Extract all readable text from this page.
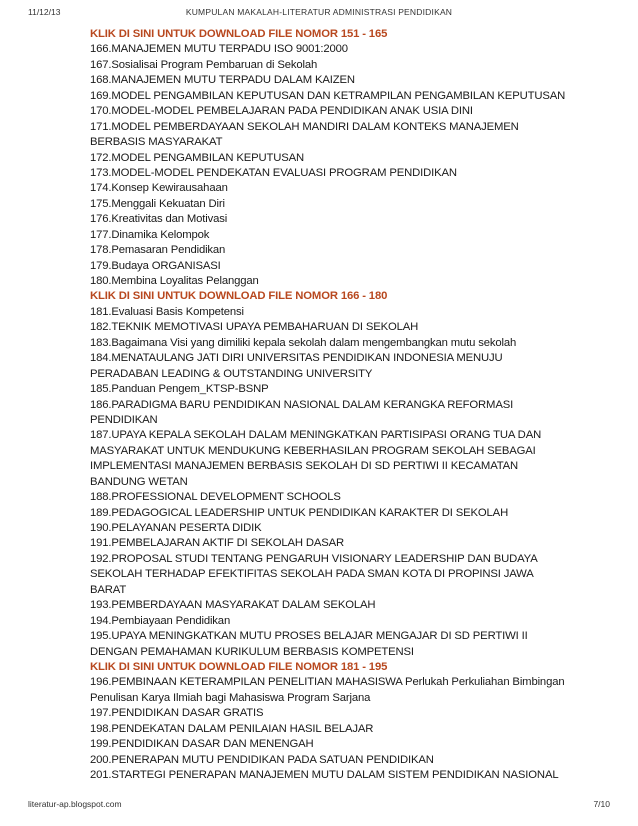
11/12/13	KUMPULAN MAKALAH-LITERATUR ADMINISTRASI PENDIDIKAN
KLIK DI SINI UNTUK DOWNLOAD FILE NOMOR 151 - 165
166.MANAJEMEN MUTU TERPADU ISO 9001:2000
167.Sosialisai Program Pembaruan di Sekolah
168.MANAJEMEN MUTU TERPADU DALAM KAIZEN
169.MODEL PENGAMBILAN KEPUTUSAN DAN KETRAMPILAN PENGAMBILAN KEPUTUSAN
170.MODEL-MODEL PEMBELAJARAN PADA PENDIDIKAN ANAK USIA DINI
171.MODEL PEMBERDAYAAN SEKOLAH MANDIRI DALAM KONTEKS MANAJEMEN
BERBASIS MASYARAKAT
172.MODEL PENGAMBILAN KEPUTUSAN
173.MODEL-MODEL PENDEKATAN EVALUASI PROGRAM PENDIDIKAN
174.Konsep Kewirausahaan
175.Menggali Kekuatan Diri
176.Kreativitas dan Motivasi
177.Dinamika Kelompok
178.Pemasaran Pendidikan
179.Budaya ORGANISASI
180.Membina Loyalitas Pelanggan
KLIK DI SINI UNTUK DOWNLOAD FILE NOMOR 166 - 180
181.Evaluasi Basis Kompetensi
182.TEKNIK MEMOTIVASI UPAYA PEMBAHARUAN DI SEKOLAH
183.Bagaimana Visi yang dimiliki kepala sekolah dalam mengembangkan mutu sekolah
184.MENATAULANG JATI DIRI UNIVERSITAS PENDIDIKAN INDONESIA MENUJU
PERADABAN LEADING & OUTSTANDING UNIVERSITY
185.Panduan Pengem_KTSP-BSNP
186.PARADIGMA BARU PENDIDIKAN NASIONAL DALAM KERANGKA REFORMASI
PENDIDIKAN
187.UPAYA KEPALA SEKOLAH DALAM MENINGKATKAN PARTISIPASI ORANG TUA DAN
MASYARAKAT UNTUK MENDUKUNG KEBERHASILAN PROGRAM SEKOLAH SEBAGAI
IMPLEMENTASI MANAJEMEN BERBASIS SEKOLAH DI SD PERTIWI II KECAMATAN
BANDUNG WETAN
188.PROFESSIONAL DEVELOPMENT SCHOOLS
189.PEDAGOGICAL LEADERSHIP UNTUK PENDIDIKAN KARAKTER DI SEKOLAH
190.PELAYANAN PESERTA DIDIK
191.PEMBELAJARAN AKTIF DI SEKOLAH DASAR
192.PROPOSAL STUDI TENTANG PENGARUH VISIONARY LEADERSHIP DAN BUDAYA
SEKOLAH TERHADAP EFEKTIFITAS SEKOLAH PADA SMAN KOTA DI PROPINSI JAWA
BARAT
193.PEMBERDAYAAN MASYARAKAT DALAM SEKOLAH
194.Pembiayaan Pendidikan
195.UPAYA MENINGKATKAN MUTU PROSES BELAJAR MENGAJAR DI SD PERTIWI II
DENGAN PEMAHAMAN KURIKULUM BERBASIS KOMPETENSI
KLIK DI SINI UNTUK DOWNLOAD FILE NOMOR 181 - 195
196.PEMBINAAN KETERAMPILAN PENELITIAN MAHASISWA Perlukah Perkuliahan Bimbingan
Penulisan Karya Ilmiah bagi Mahasiswa Program Sarjana
197.PENDIDIKAN DASAR GRATIS
198.PENDEKATAN DALAM PENILAIAN HASIL BELAJAR
199.PENDIDIKAN DASAR DAN MENENGAH
200.PENERAPAN MUTU PENDIDIKAN PADA SATUAN PENDIDIKAN
201.STARTEGI PENERAPAN MANAJEMEN MUTU DALAM SISTEM PENDIDIKAN NASIONAL
literatur-ap.blogspot.com	7/10
